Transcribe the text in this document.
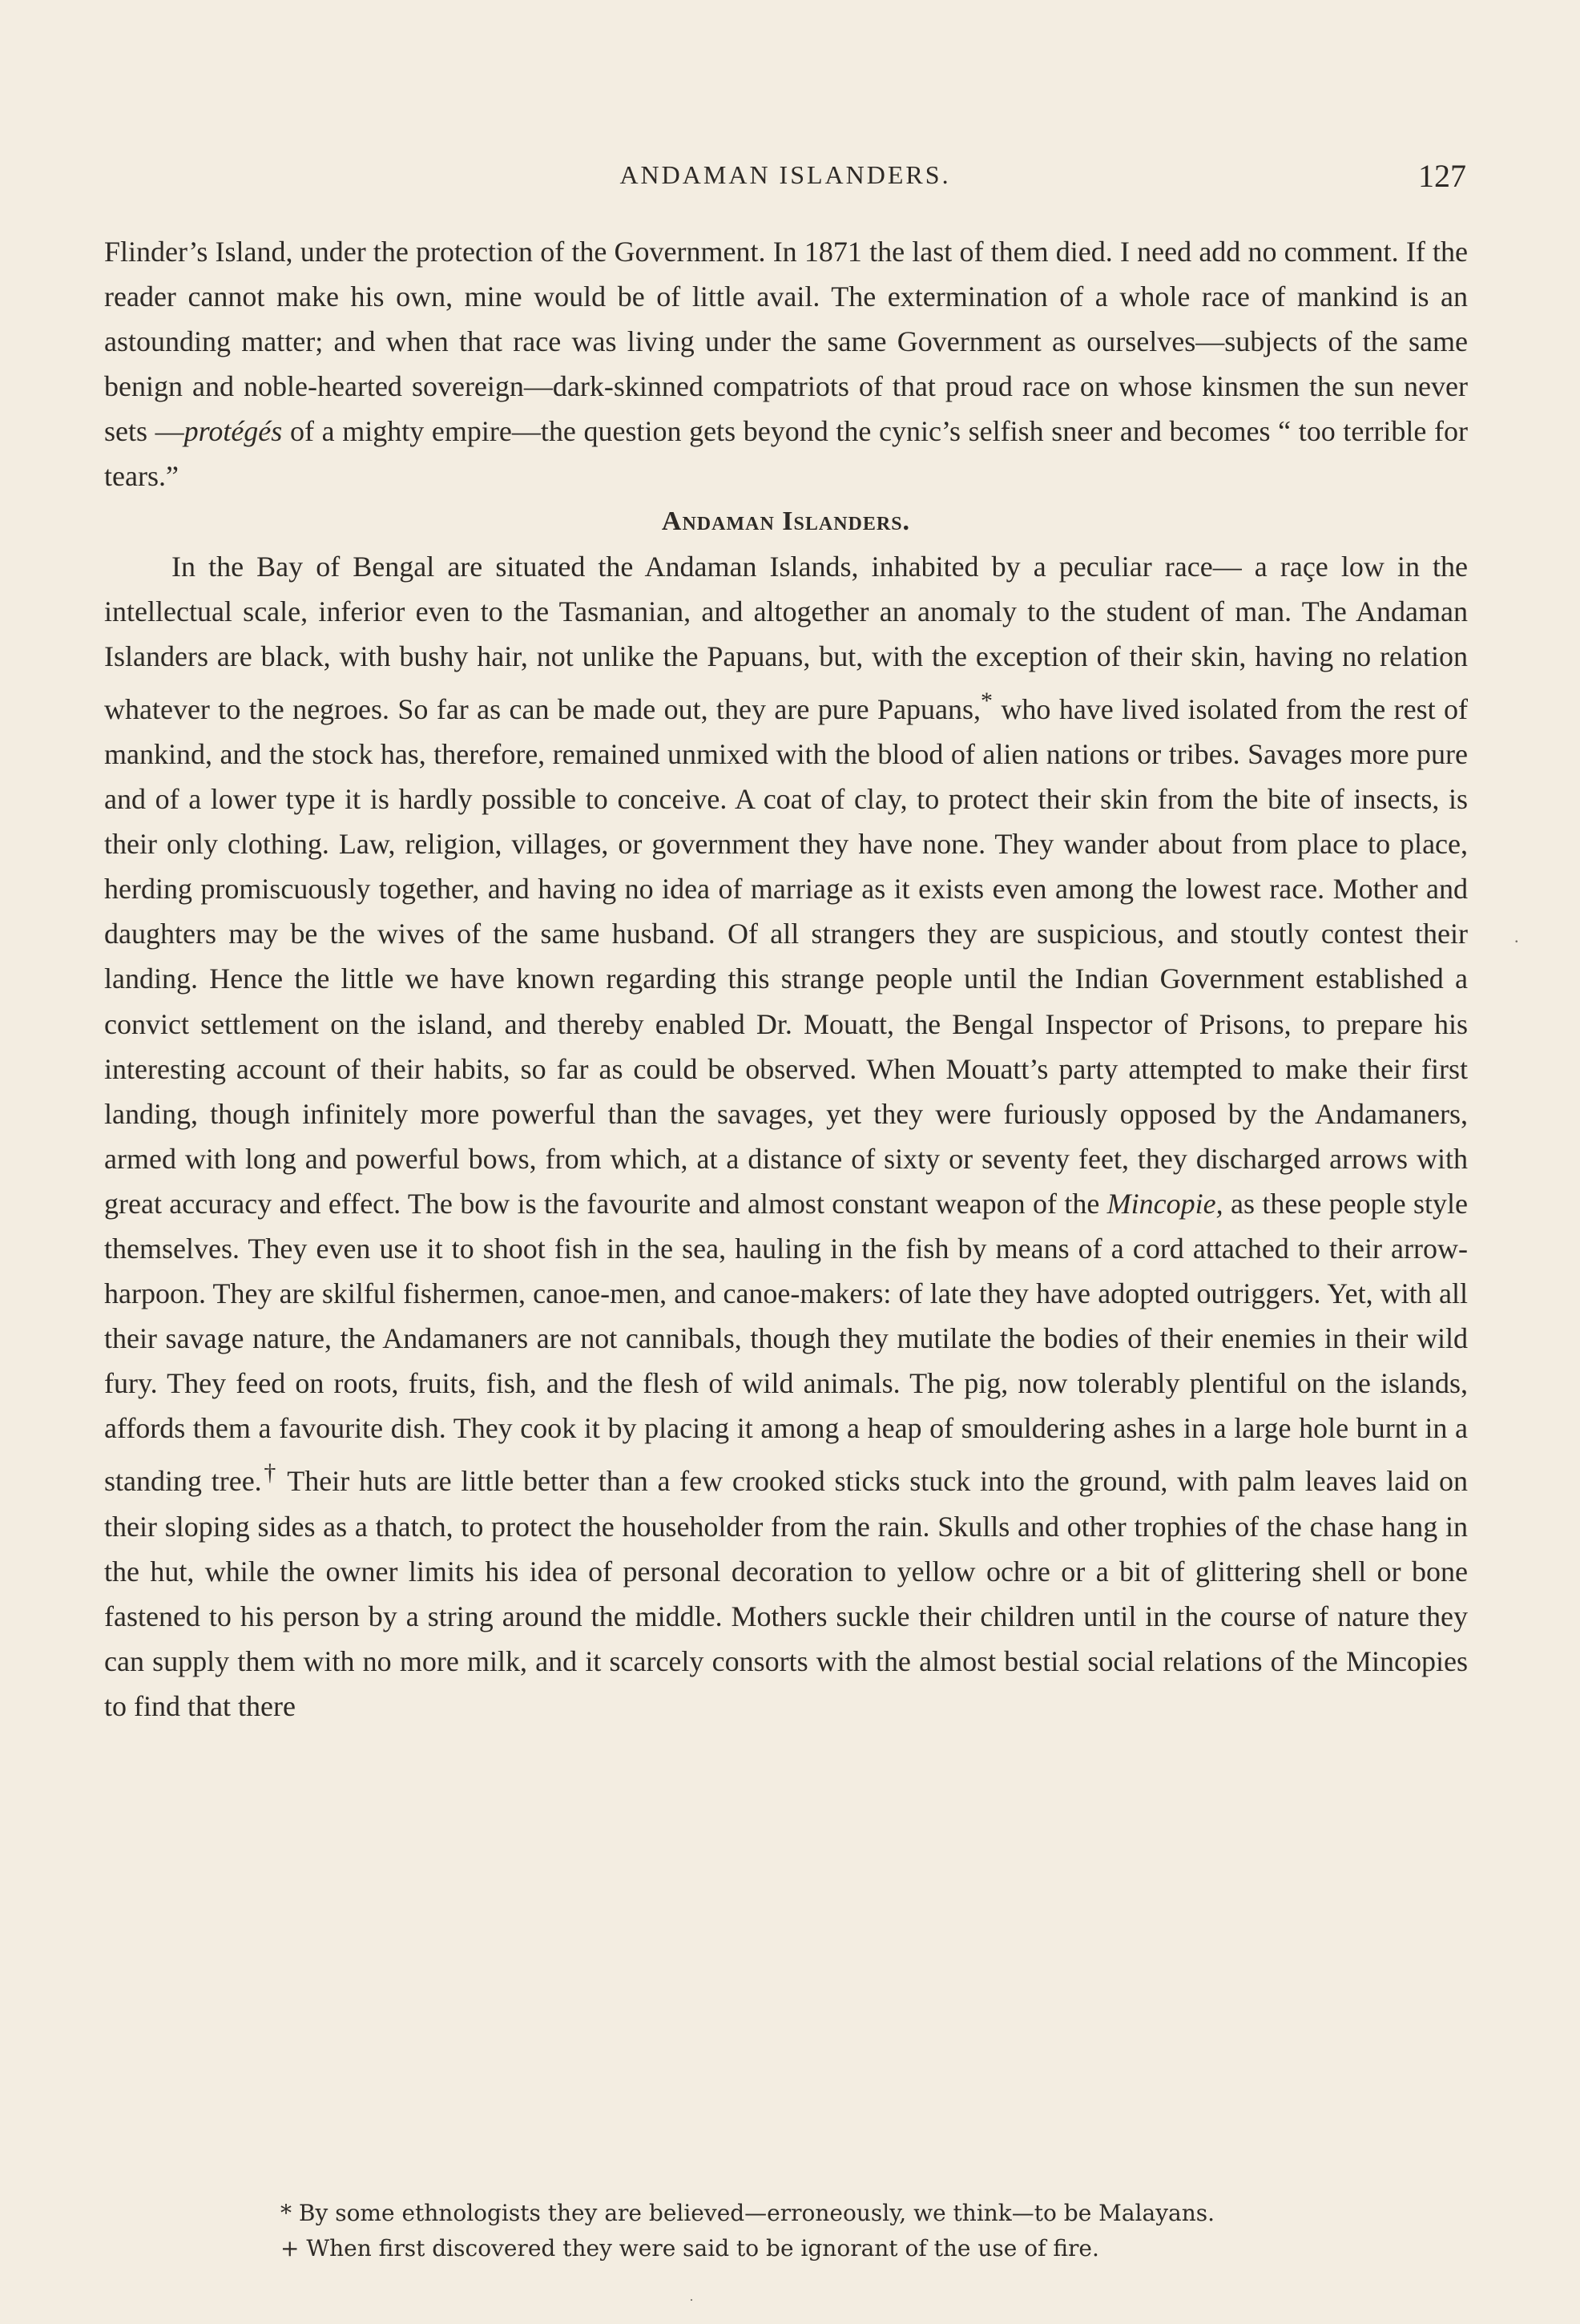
ANDAMAN ISLANDERS.	127

Flinder’s Island, under the protection of the Government. In 1871 the last of them died. I need add no comment. If the reader cannot make his own, mine would be of little avail. The extermination of a whole race of mankind is an astounding matter; and when that race was living under the same Government as ourselves—subjects of the same benign and noble-hearted sovereign—dark-skinned compatriots of that proud race on whose kinsmen the sun never sets —protégés of a mighty empire—the question gets beyond the cynic’s selfish sneer and becomes “ too terrible for tears.”

Andaman Islanders.

In the Bay of Bengal are situated the Andaman Islands, inhabited by a peculiar race— a raçe low in the intellectual scale, inferior even to the Tasmanian, and altogether an anomaly to the student of man. The Andaman Islanders are black, with bushy hair, not unlike the Papuans, but, with the exception of their skin, having no relation whatever to the negroes. So far as can be made out, they are pure Papuans,* who have lived isolated from the rest of mankind, and the stock has, therefore, remained unmixed with the blood of alien nations or tribes. Savages more pure and of a lower type it is hardly possible to conceive. A coat of clay, to protect their skin from the bite of insects, is their only clothing. Law, religion, villages, or government they have none. They wander about from place to place, herding promiscuously together, and having no idea of marriage as it exists even among the lowest race. Mother and daughters may be the wives of the same husband. Of all strangers they are suspicious, and stoutly contest their landing. Hence the little we have known regarding this strange people until the Indian Government established a convict settlement on the island, and thereby enabled Dr. Mouatt, the Bengal Inspector of Prisons, to prepare his interesting account of their habits, so far as could be observed. When Mouatt’s party attempted to make their first landing, though infinitely more powerful than the savages, yet they were furiously opposed by the Andamaners, armed with long and powerful bows, from which, at a distance of sixty or seventy feet, they discharged arrows with great accuracy and effect. The bow is the favourite and almost constant weapon of the Mincopie, as these people style themselves. They even use it to shoot fish in the sea, hauling in the fish by means of a cord attached to their arrow-harpoon. They are skilful fishermen, canoe-men, and canoe-makers: of late they have adopted outriggers. Yet, with all their savage nature, the Andamaners are not cannibals, though they mutilate the bodies of their enemies in their wild fury. They feed on roots, fruits, fish, and the flesh of wild animals. The pig, now tolerably plentiful on the islands, affords them a favourite dish. They cook it by placing it among a heap of smouldering ashes in a large hole burnt in a standing tree.† Their huts are little better than a few crooked sticks stuck into the ground, with palm leaves laid on their sloping sides as a thatch, to protect the householder from the rain. Skulls and other trophies of the chase hang in the hut, while the owner limits his idea of personal decoration to yellow ochre or a bit of glittering shell or bone fastened to his person by a string around the middle. Mothers suckle their children until in the course of nature they can supply them with no more milk, and it scarcely consorts with the almost bestial social relations of the Mincopies to find that there

* By some ethnologists they are believed—erroneously, we think—to be Malayans.

+ When first discovered they were said to be ignorant of the use of fire.

.
·
